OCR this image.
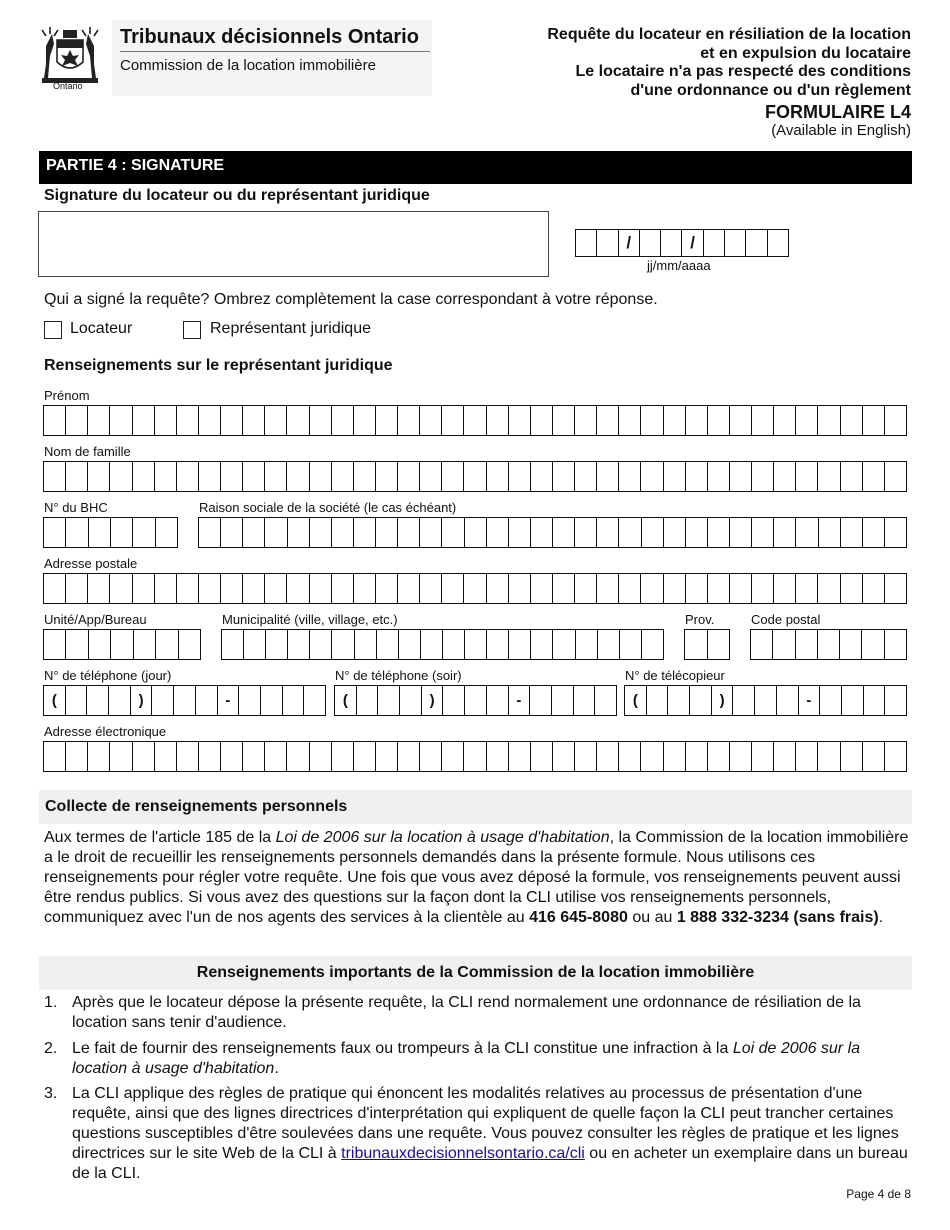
Ontario
Tribunaux décisionnels Ontario
Commission de la location immobilière
Requête du locateur en résiliation de la location
et en expulsion du locataire
Le locataire n'a pas respecté des conditions
d'une ordonnance ou d'un règlement
FORMULAIRE L4
(Available in English)
PARTIE 4 : SIGNATURE
Signature du locateur ou du représentant juridique
/	/
jj/mm/aaaa
Qui a signé la requête? Ombrez complètement la case correspondant à votre réponse.
Locateur	Représentant juridique
Renseignements sur le représentant juridique
Prénom
Nom de famille
N° du BHC	Raison sociale de la société (le cas échéant)
Adresse postale
Unité/App/Bureau	Municipalité (ville, village, etc.)	Prov.	Code postal
N° de téléphone (jour)
(	)	-
N° de téléphone (soir)
(	)	-
N° de télécopieur
(	)	-
Adresse électronique
Collecte de renseignements personnels
Aux termes de l'article 185 de la Loi de 2006 sur la location à usage d'habitation, la Commission de la location immobilière a le droit de recueillir les renseignements personnels demandés dans la présente formule. Nous utilisons ces renseignements pour régler votre requête. Une fois que vous avez déposé la formule, vos renseignements peuvent aussi être rendus publics. Si vous avez des questions sur la façon dont la CLI utilise vos renseignements personnels, communiquez avec l'un de nos agents des services à la clientèle au 416 645-8080 ou au 1 888 332-3234 (sans frais).
Renseignements importants de la Commission de la location immobilière
1. Après que le locateur dépose la présente requête, la CLI rend normalement une ordonnance de résiliation de la location sans tenir d'audience.
2. Le fait de fournir des renseignements faux ou trompeurs à la CLI constitue une infraction à la Loi de 2006 sur la location à usage d'habitation.
3. La CLI applique des règles de pratique qui énoncent les modalités relatives au processus de présentation d'une requête, ainsi que des lignes directrices d'interprétation qui expliquent de quelle façon la CLI peut trancher certaines questions susceptibles d'être soulevées dans une requête. Vous pouvez consulter les règles de pratique et les lignes directrices sur le site Web de la CLI à tribunauxdecisionnelsontario.ca/cli ou en acheter un exemplaire dans un bureau de la CLI.
Page 4 de 8
